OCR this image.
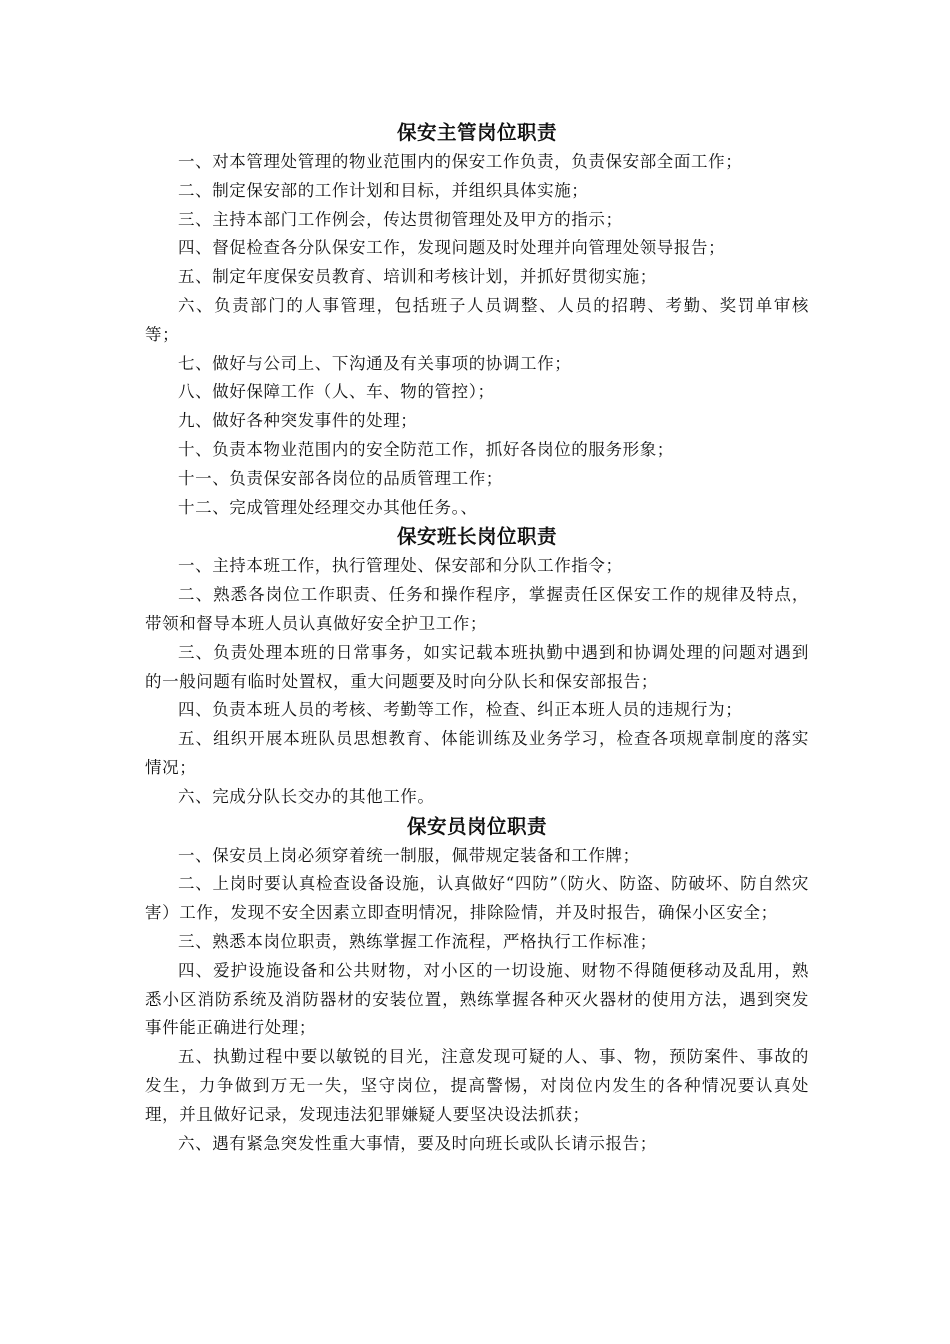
保安主管岗位职责

一、对本管理处管理的物业范围内的保安工作负责，负责保安部全面工作；

二、制定保安部的工作计划和目标，并组织具体实施；

三、主持本部门工作例会，传达贯彻管理处及甲方的指示；

四、督促检查各分队保安工作，发现问题及时处理并向管理处领导报告；

五、制定年度保安员教育、培训和考核计划，并抓好贯彻实施；

六、负责部门的人事管理，包括班子人员调整、人员的招聘、考勤、奖罚单审核等；

七、做好与公司上、下沟通及有关事项的协调工作；

八、做好保障工作（人、车、物的管控）；

九、做好各种突发事件的处理；

十、负责本物业范围内的安全防范工作，抓好各岗位的服务形象；

十一、负责保安部各岗位的品质管理工作；

十二、完成管理处经理交办其他任务。、

保安班长岗位职责

一、主持本班工作，执行管理处、保安部和分队工作指令；

二、熟悉各岗位工作职责、任务和操作程序，掌握责任区保安工作的规律及特点，带领和督导本班人员认真做好安全护卫工作；

三、负责处理本班的日常事务，如实记载本班执勤中遇到和协调处理的问题对遇到的一般问题有临时处置权，重大问题要及时向分队长和保安部报告；

四、负责本班人员的考核、考勤等工作，检查、纠正本班人员的违规行为；

五、组织开展本班队员思想教育、体能训练及业务学习，检查各项规章制度的落实情况；

六、完成分队长交办的其他工作。

保安员岗位职责

一、保安员上岗必须穿着统一制服，佩带规定装备和工作牌；

二、上岗时要认真检查设备设施，认真做好“四防”（防火、防盗、防破坏、防自然灾害）工作，发现不安全因素立即查明情况，排除险情，并及时报告，确保小区安全；

三、熟悉本岗位职责，熟练掌握工作流程，严格执行工作标准；

四、爱护设施设备和公共财物，对小区的一切设施、财物不得随便移动及乱用，熟悉小区消防系统及消防器材的安装位置，熟练掌握各种灭火器材的使用方法，遇到突发事件能正确进行处理；

五、执勤过程中要以敏锐的目光，注意发现可疑的人、事、物，预防案件、事故的发生，力争做到万无一失，坚守岗位，提高警惕，对岗位内发生的各种情况要认真处理，并且做好记录，发现违法犯罪嫌疑人要坚决设法抓获；

六、遇有紧急突发性重大事情，要及时向班长或队长请示报告；
